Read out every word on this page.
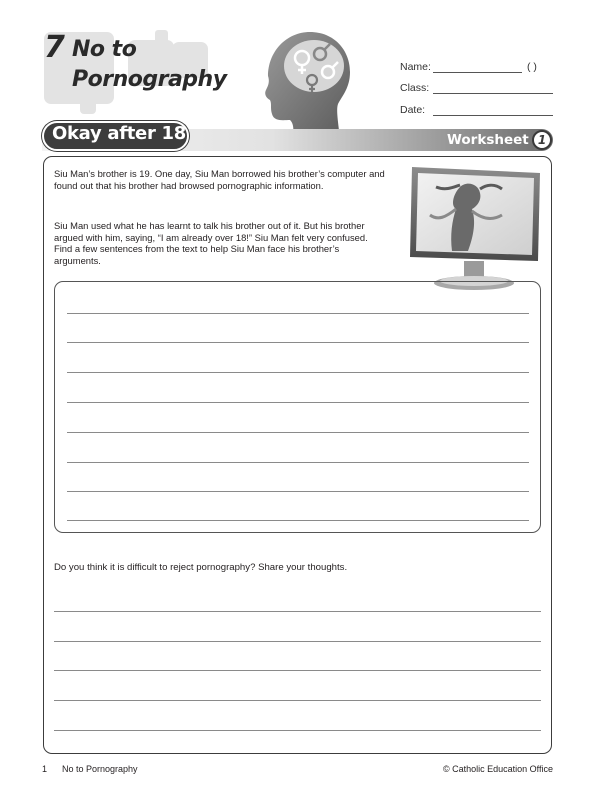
7 No to
Pornography	Name:	( )
Class:
Date:
Okay after 18	Worksheet 1
Siu Man’s brother is 19. One day, Siu Man borrowed his brother’s computer and found out that his brother had browsed pornographic information.
Siu Man used what he has learnt to talk his brother out of it. But his brother argued with him, saying, “I am already over 18!” Siu Man felt very confused. Find a few sentences from the text to help Siu Man face his brother’s arguments.
Do you think it is difficult to reject pornography? Share your thoughts.
1 No to Pornography	© Catholic Education Office
